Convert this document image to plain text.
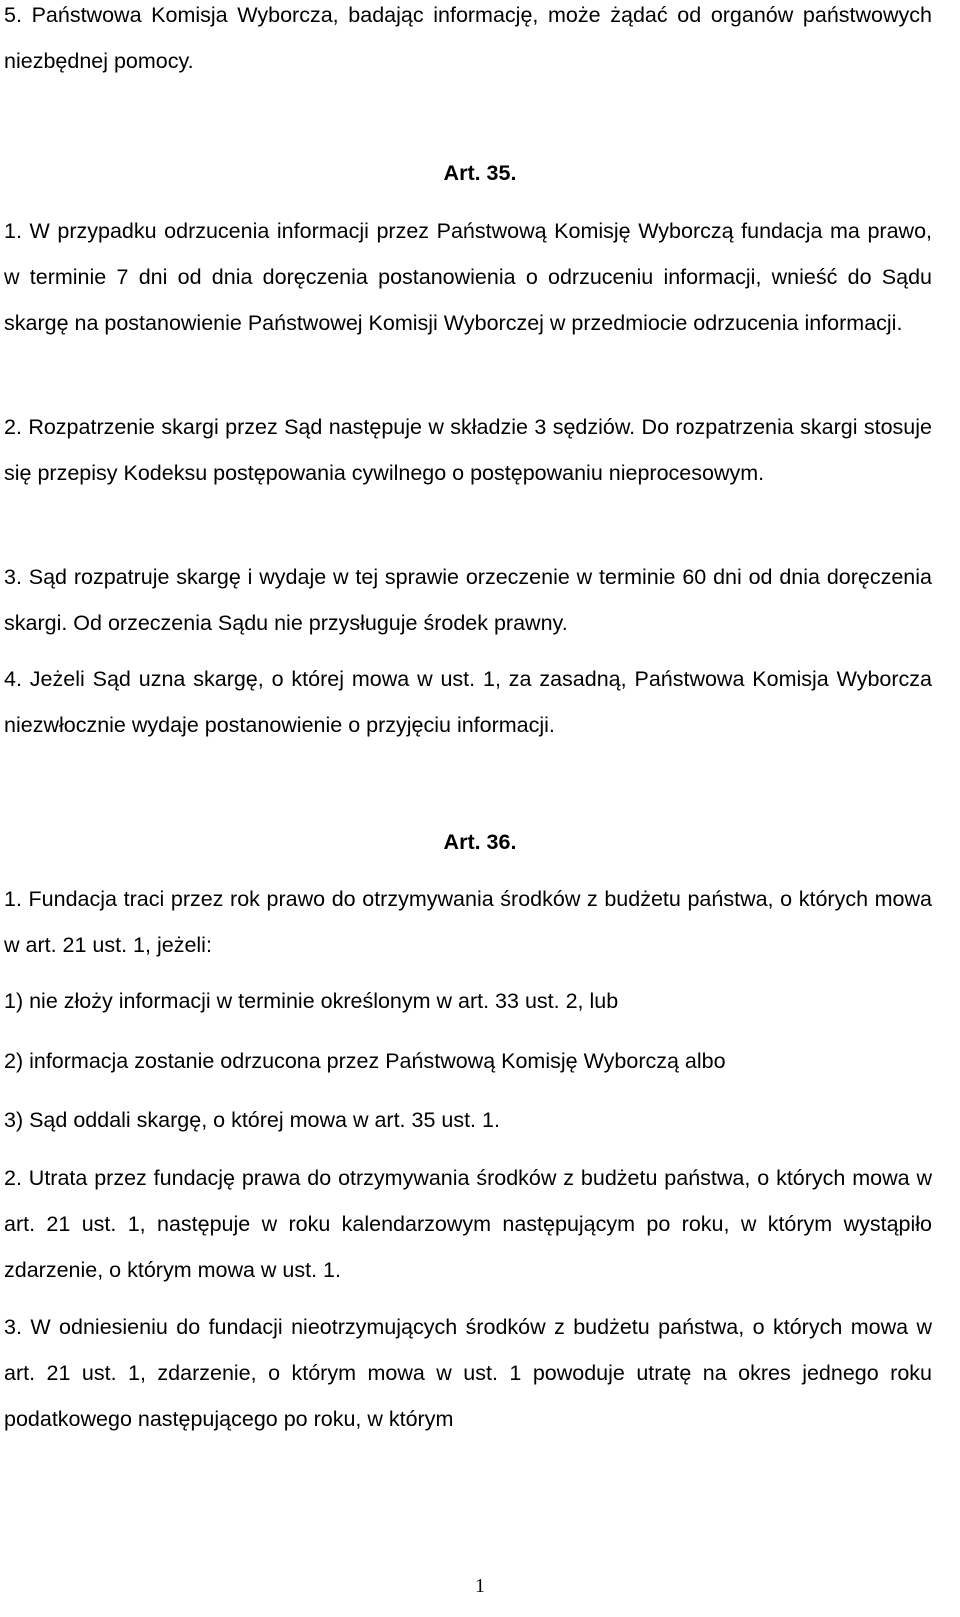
5. Państwowa Komisja Wyborcza, badając informację, może żądać od organów państwowych niezbędnej pomocy.

Art. 35.

1. W przypadku odrzucenia informacji przez Państwową Komisję Wyborczą fundacja ma prawo, w terminie 7 dni od dnia doręczenia postanowienia o odrzuceniu informacji, wnieść do Sądu skargę na postanowienie Państwowej Komisji Wyborczej w przedmiocie odrzucenia informacji.

2. Rozpatrzenie skargi przez Sąd następuje w składzie 3 sędziów. Do rozpatrzenia skargi stosuje się przepisy Kodeksu postępowania cywilnego o postępowaniu nieprocesowym.

3. Sąd rozpatruje skargę i wydaje w tej sprawie orzeczenie w terminie 60 dni od dnia doręczenia skargi. Od orzeczenia Sądu nie przysługuje środek prawny.

4. Jeżeli Sąd uzna skargę, o której mowa w ust. 1, za zasadną, Państwowa Komisja Wyborcza niezwłocznie wydaje postanowienie o przyjęciu informacji.

Art. 36.

1. Fundacja traci przez rok prawo do otrzymywania środków z budżetu państwa, o których mowa w art. 21 ust. 1, jeżeli:

1) nie złoży informacji w terminie określonym w art. 33 ust. 2, lub

2) informacja zostanie odrzucona przez Państwową Komisję Wyborczą albo

3) Sąd oddali skargę, o której mowa w art. 35 ust. 1.

2. Utrata przez fundację prawa do otrzymywania środków z budżetu państwa, o których mowa w art. 21 ust. 1, następuje w roku kalendarzowym następującym po roku, w którym wystąpiło zdarzenie, o którym mowa w ust. 1.

3. W odniesieniu do fundacji nieotrzymujących środków z budżetu państwa, o których mowa w art. 21 ust. 1, zdarzenie, o którym mowa w ust. 1 powoduje utratę na okres jednego roku podatkowego następującego po roku, w którym

1
